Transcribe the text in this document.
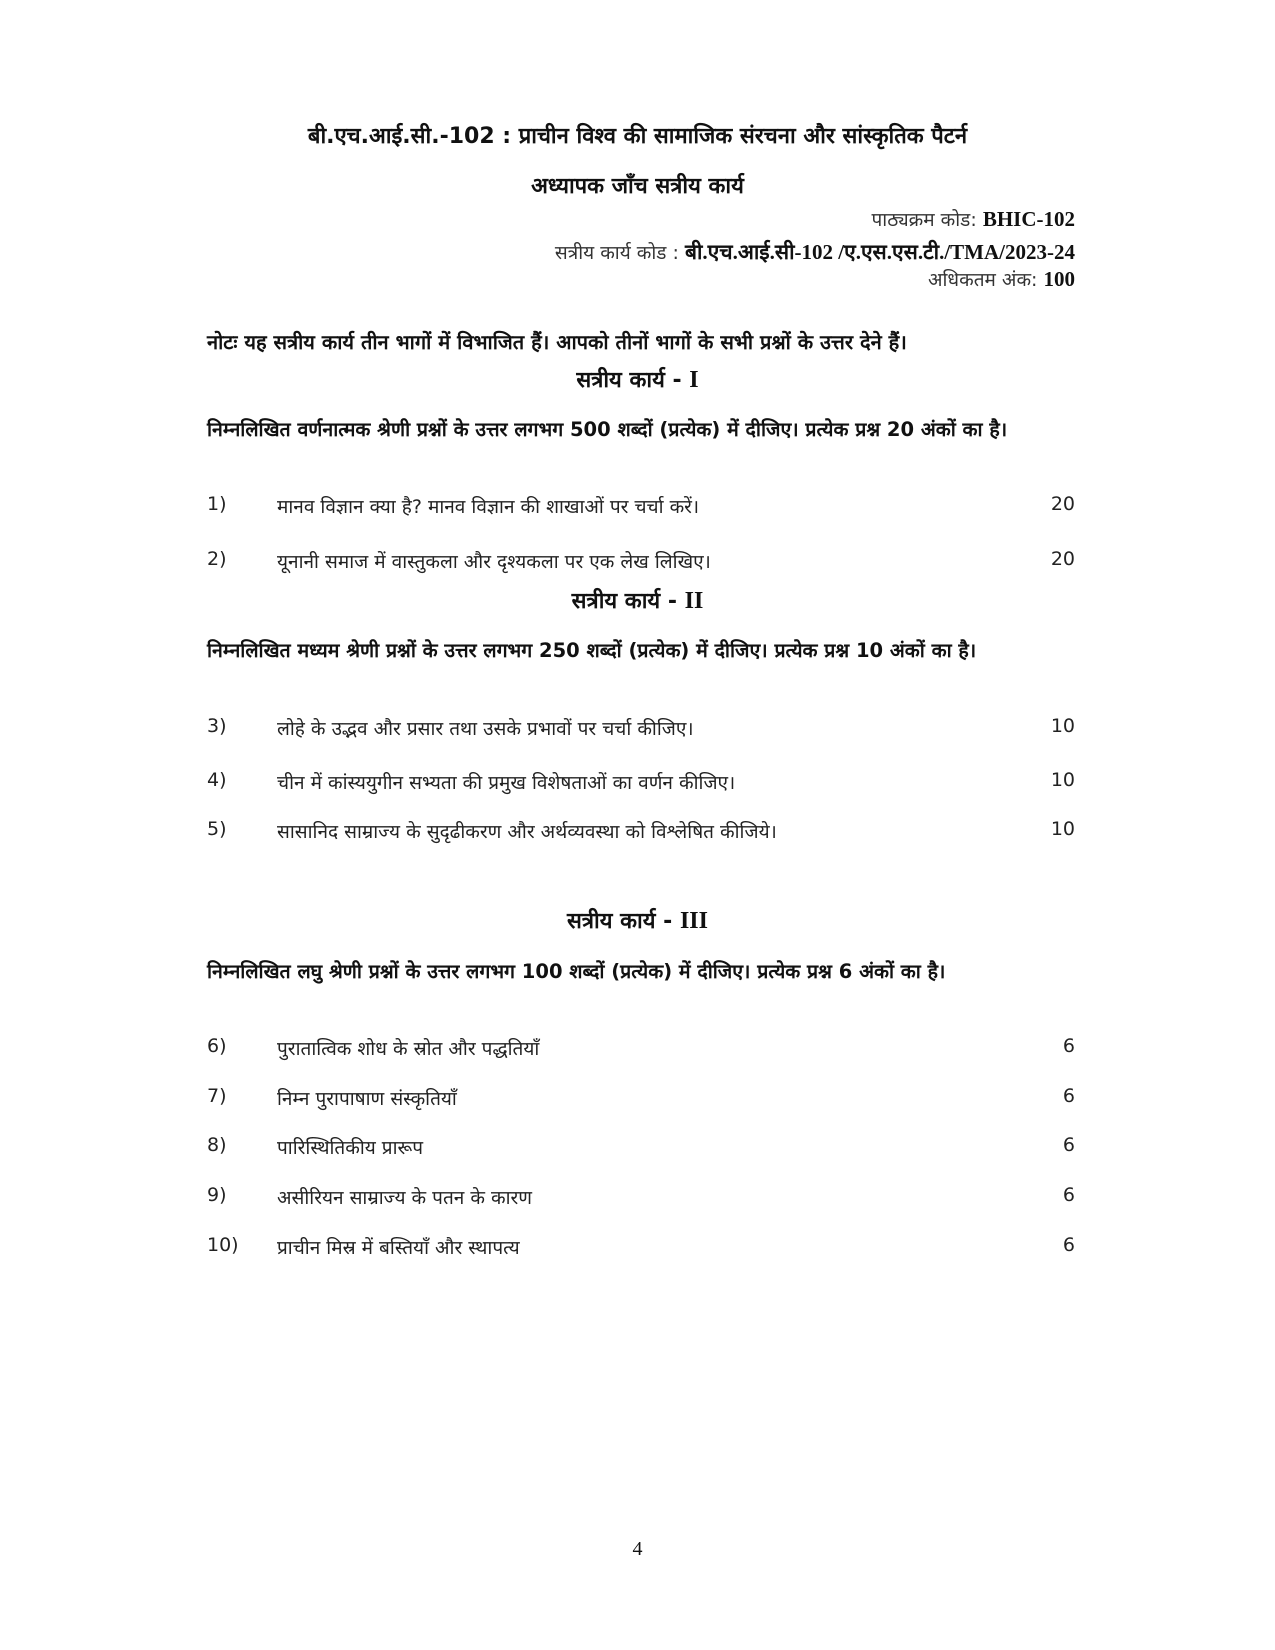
बी.एच.आई.सी.-102 : प्राचीन विश्व की सामाजिक संरचना और सांस्कृतिक पैटर्न
अध्यापक जाँच सत्रीय कार्य
पाठ्यक्रम कोड: BHIC-102
सत्रीय कार्य कोड : बी.एच.आई.सी-102 /ए.एस.एस.टी./TMA/2023-24
अधिकतम अंक: 100
नोटः यह सत्रीय कार्य तीन भागों में विभाजित हैं। आपको तीनों भागों के सभी प्रश्नों के उत्तर देने हैं।
सत्रीय कार्य - I
निम्नलिखित वर्णनात्मक श्रेणी प्रश्नों के उत्तर लगभग 500 शब्दों (प्रत्येक) में दीजिए। प्रत्येक प्रश्न 20 अंकों का है।
1)	मानव विज्ञान क्या है? मानव विज्ञान की शाखाओं पर चर्चा करें।	20
2)	यूनानी समाज में वास्तुकला और दृश्यकला पर एक लेख लिखिए।	20
सत्रीय कार्य - II
निम्नलिखित मध्यम श्रेणी प्रश्नों के उत्तर लगभग 250 शब्दों (प्रत्येक) में दीजिए। प्रत्येक प्रश्न 10 अंकों का है।
3)	लोहे के उद्भव और प्रसार तथा उसके प्रभावों पर चर्चा कीजिए।	10
4)	चीन में कांस्ययुगीन सभ्यता की प्रमुख विशेषताओं का वर्णन कीजिए।	10
5)	सासानिद साम्राज्य के सुदृढीकरण और अर्थव्यवस्था को विश्लेषित कीजिये।	10
सत्रीय कार्य - III
निम्नलिखित लघु श्रेणी प्रश्नों के उत्तर लगभग 100 शब्दों (प्रत्येक) में दीजिए। प्रत्येक प्रश्न 6 अंकों का है।
6)	पुरातात्विक शोध के स्रोत और पद्धतियाँ	6
7)	निम्न पुरापाषाण संस्कृतियाँ	6
8)	पारिस्थितिकीय प्रारूप	6
9)	असीरियन साम्राज्य के पतन के कारण	6
10) प्राचीन मिस्र में बस्तियाँ और स्थापत्य	6
4
